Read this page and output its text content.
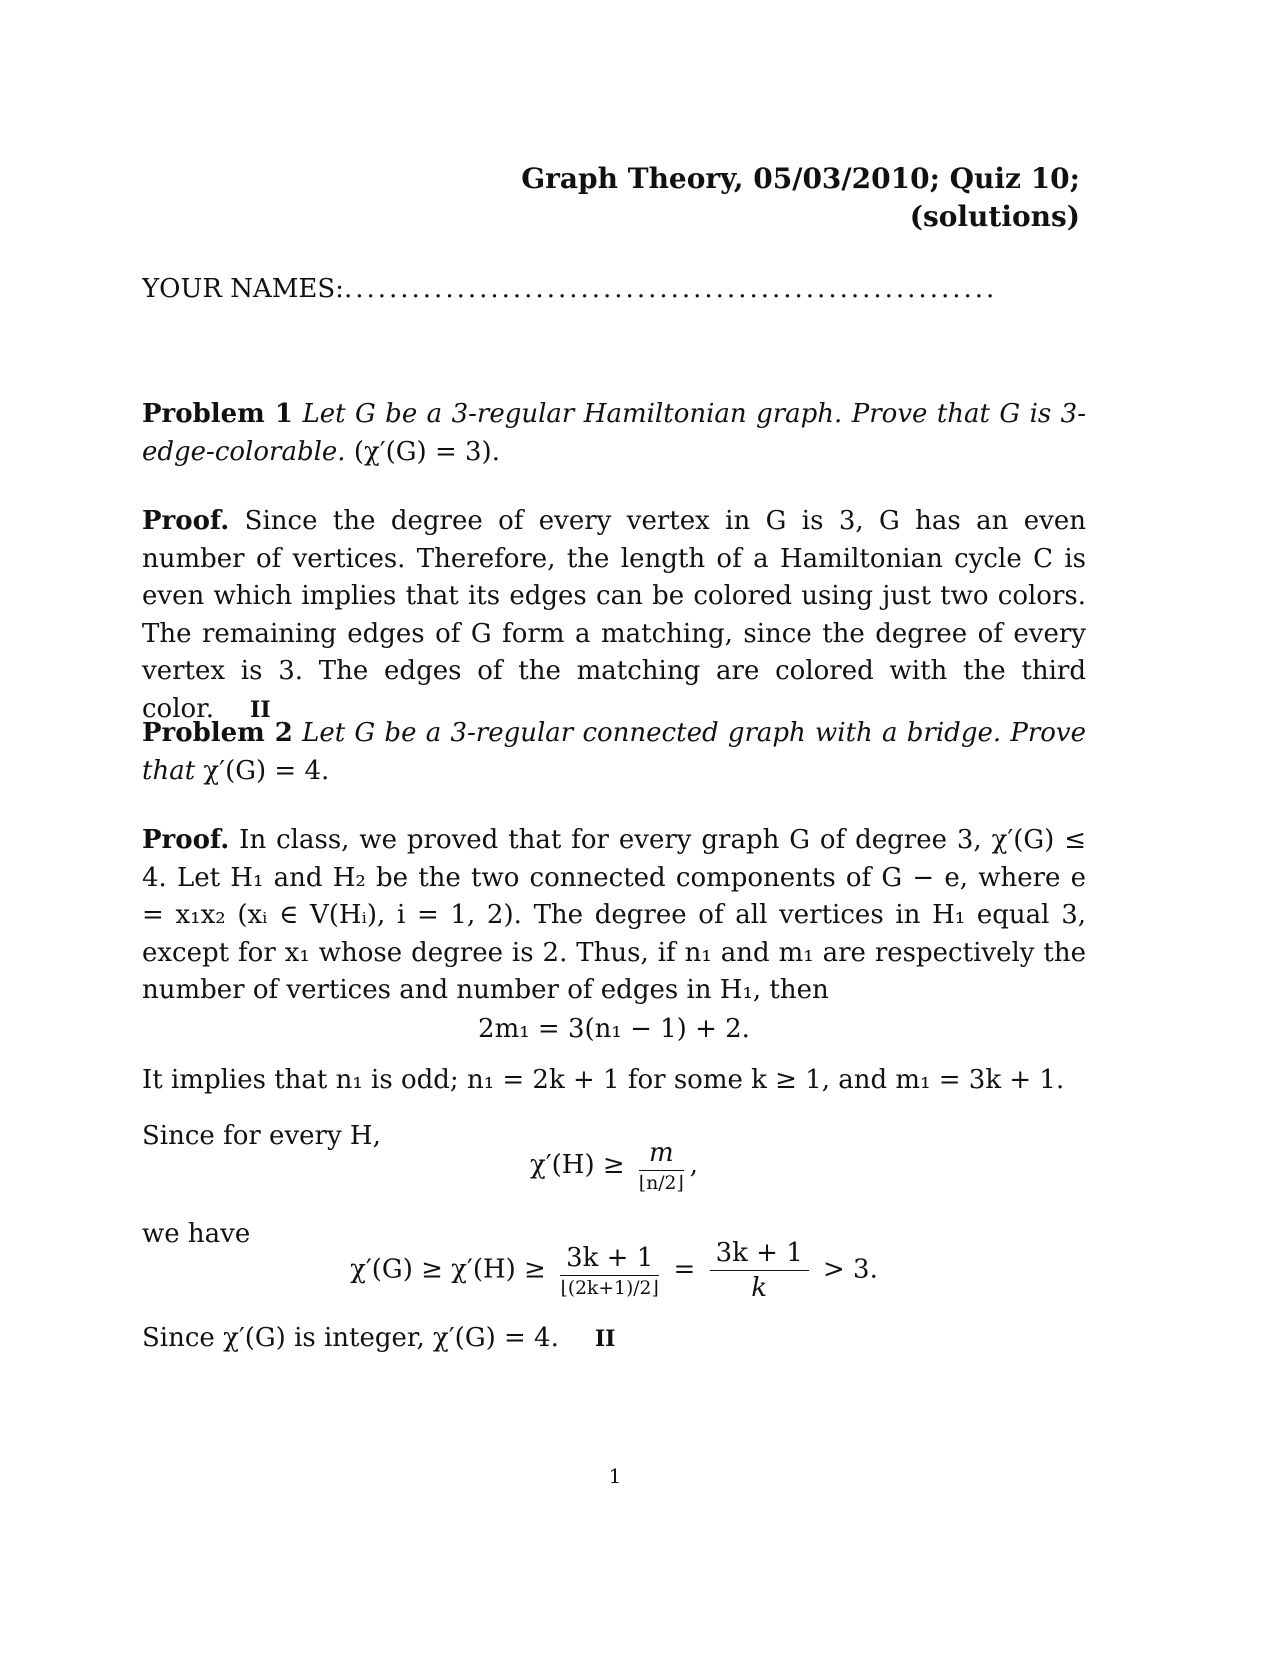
Graph Theory, 05/03/2010; Quiz 10;
(solutions)
YOUR NAMES:..........................................................
Problem 1 Let G be a 3-regular Hamiltonian graph. Prove that G is 3-edge-colorable. (χ′(G) = 3).
Proof. Since the degree of every vertex in G is 3, G has an even number of vertices. Therefore, the length of a Hamiltonian cycle C is even which implies that its edges can be colored using just two colors. The remaining edges of G form a matching, since the degree of every vertex is 3. The edges of the matching are colored with the third color. II
Problem 2 Let G be a 3-regular connected graph with a bridge. Prove that χ′(G) = 4.
Proof. In class, we proved that for every graph G of degree 3, χ′(G) ≤ 4. Let H₁ and H₂ be the two connected components of G − e, where e = x₁x₂ (xᵢ ∈ V(Hᵢ), i = 1, 2). The degree of all vertices in H₁ equal 3, except for x₁ whose degree is 2. Thus, if n₁ and m₁ are respectively the number of vertices and number of edges in H₁, then
2m₁ = 3(n₁ − 1) + 2.
It implies that n₁ is odd; n₁ = 2k + 1 for some k ≥ 1, and m₁ = 3k + 1.
Since for every H,
$\chi'(H) \ge \frac{m}{⌊n/2⌋}$ ,
we have
$\chi'(G) \ge \chi'(H) \ge \frac{3k + 1}{⌊(2k+1)/2⌋} = \frac{3k + 1}{k} > 3$.
Since χ′(G) is integer, χ′(G) = 4. II
1
